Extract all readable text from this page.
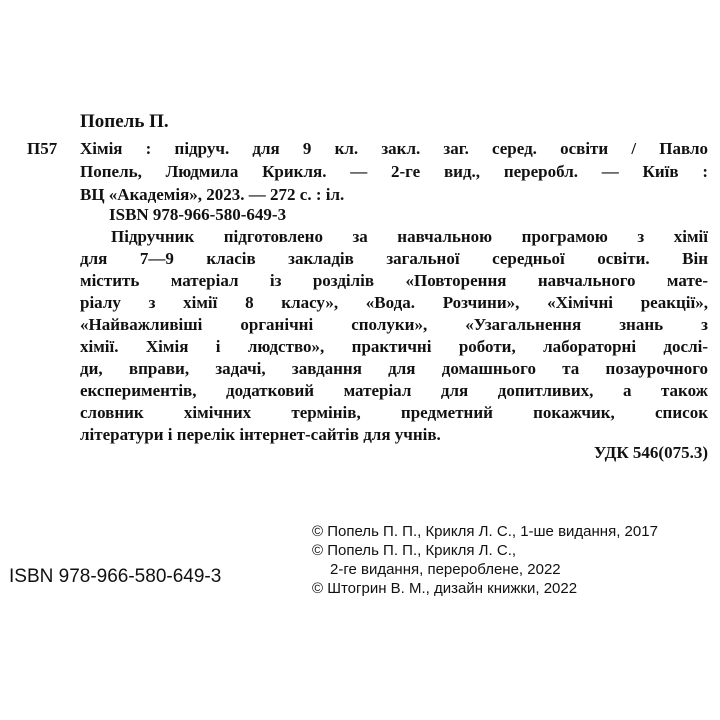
Попель П.

П57 Хімія : підруч. для 9 кл. закл. заг. серед. освіти / Павло

Попель, Людмила Крикля. — 2-ге вид., переробл. — Київ :

ВЦ «Академія», 2023. — 272 с. : іл.

ISBN 978-966-580-649-3

Підручник підготовлено за навчальною програмою з хімії

для 7—9 класів закладів загальної середньої освіти. Він

містить матеріал із розділів «Повторення навчального мате-

ріалу з хімії 8 класу», «Вода. Розчини», «Хімічні реакції»,

«Найважливіші органічні сполуки», «Узагальнення знань з

хімії. Хімія і людство», практичні роботи, лабораторні дослі-

ди, вправи, задачі, завдання для домашнього та позаурочного

експериментів, додатковий матеріал для допитливих, а також

словник хімічних термінів, предметний покажчик, список

літератури і перелік інтернет-сайтів для учнів.

УДК 546(075.3)

ISBN 978-966-580-649-3

© Попель П. П., Крикля Л. С., 1-ше видання, 2017
© Попель П. П., Крикля Л. С.,
2-ге видання, перероблене, 2022
© Штогрин В. М., дизайн книжки, 2022
